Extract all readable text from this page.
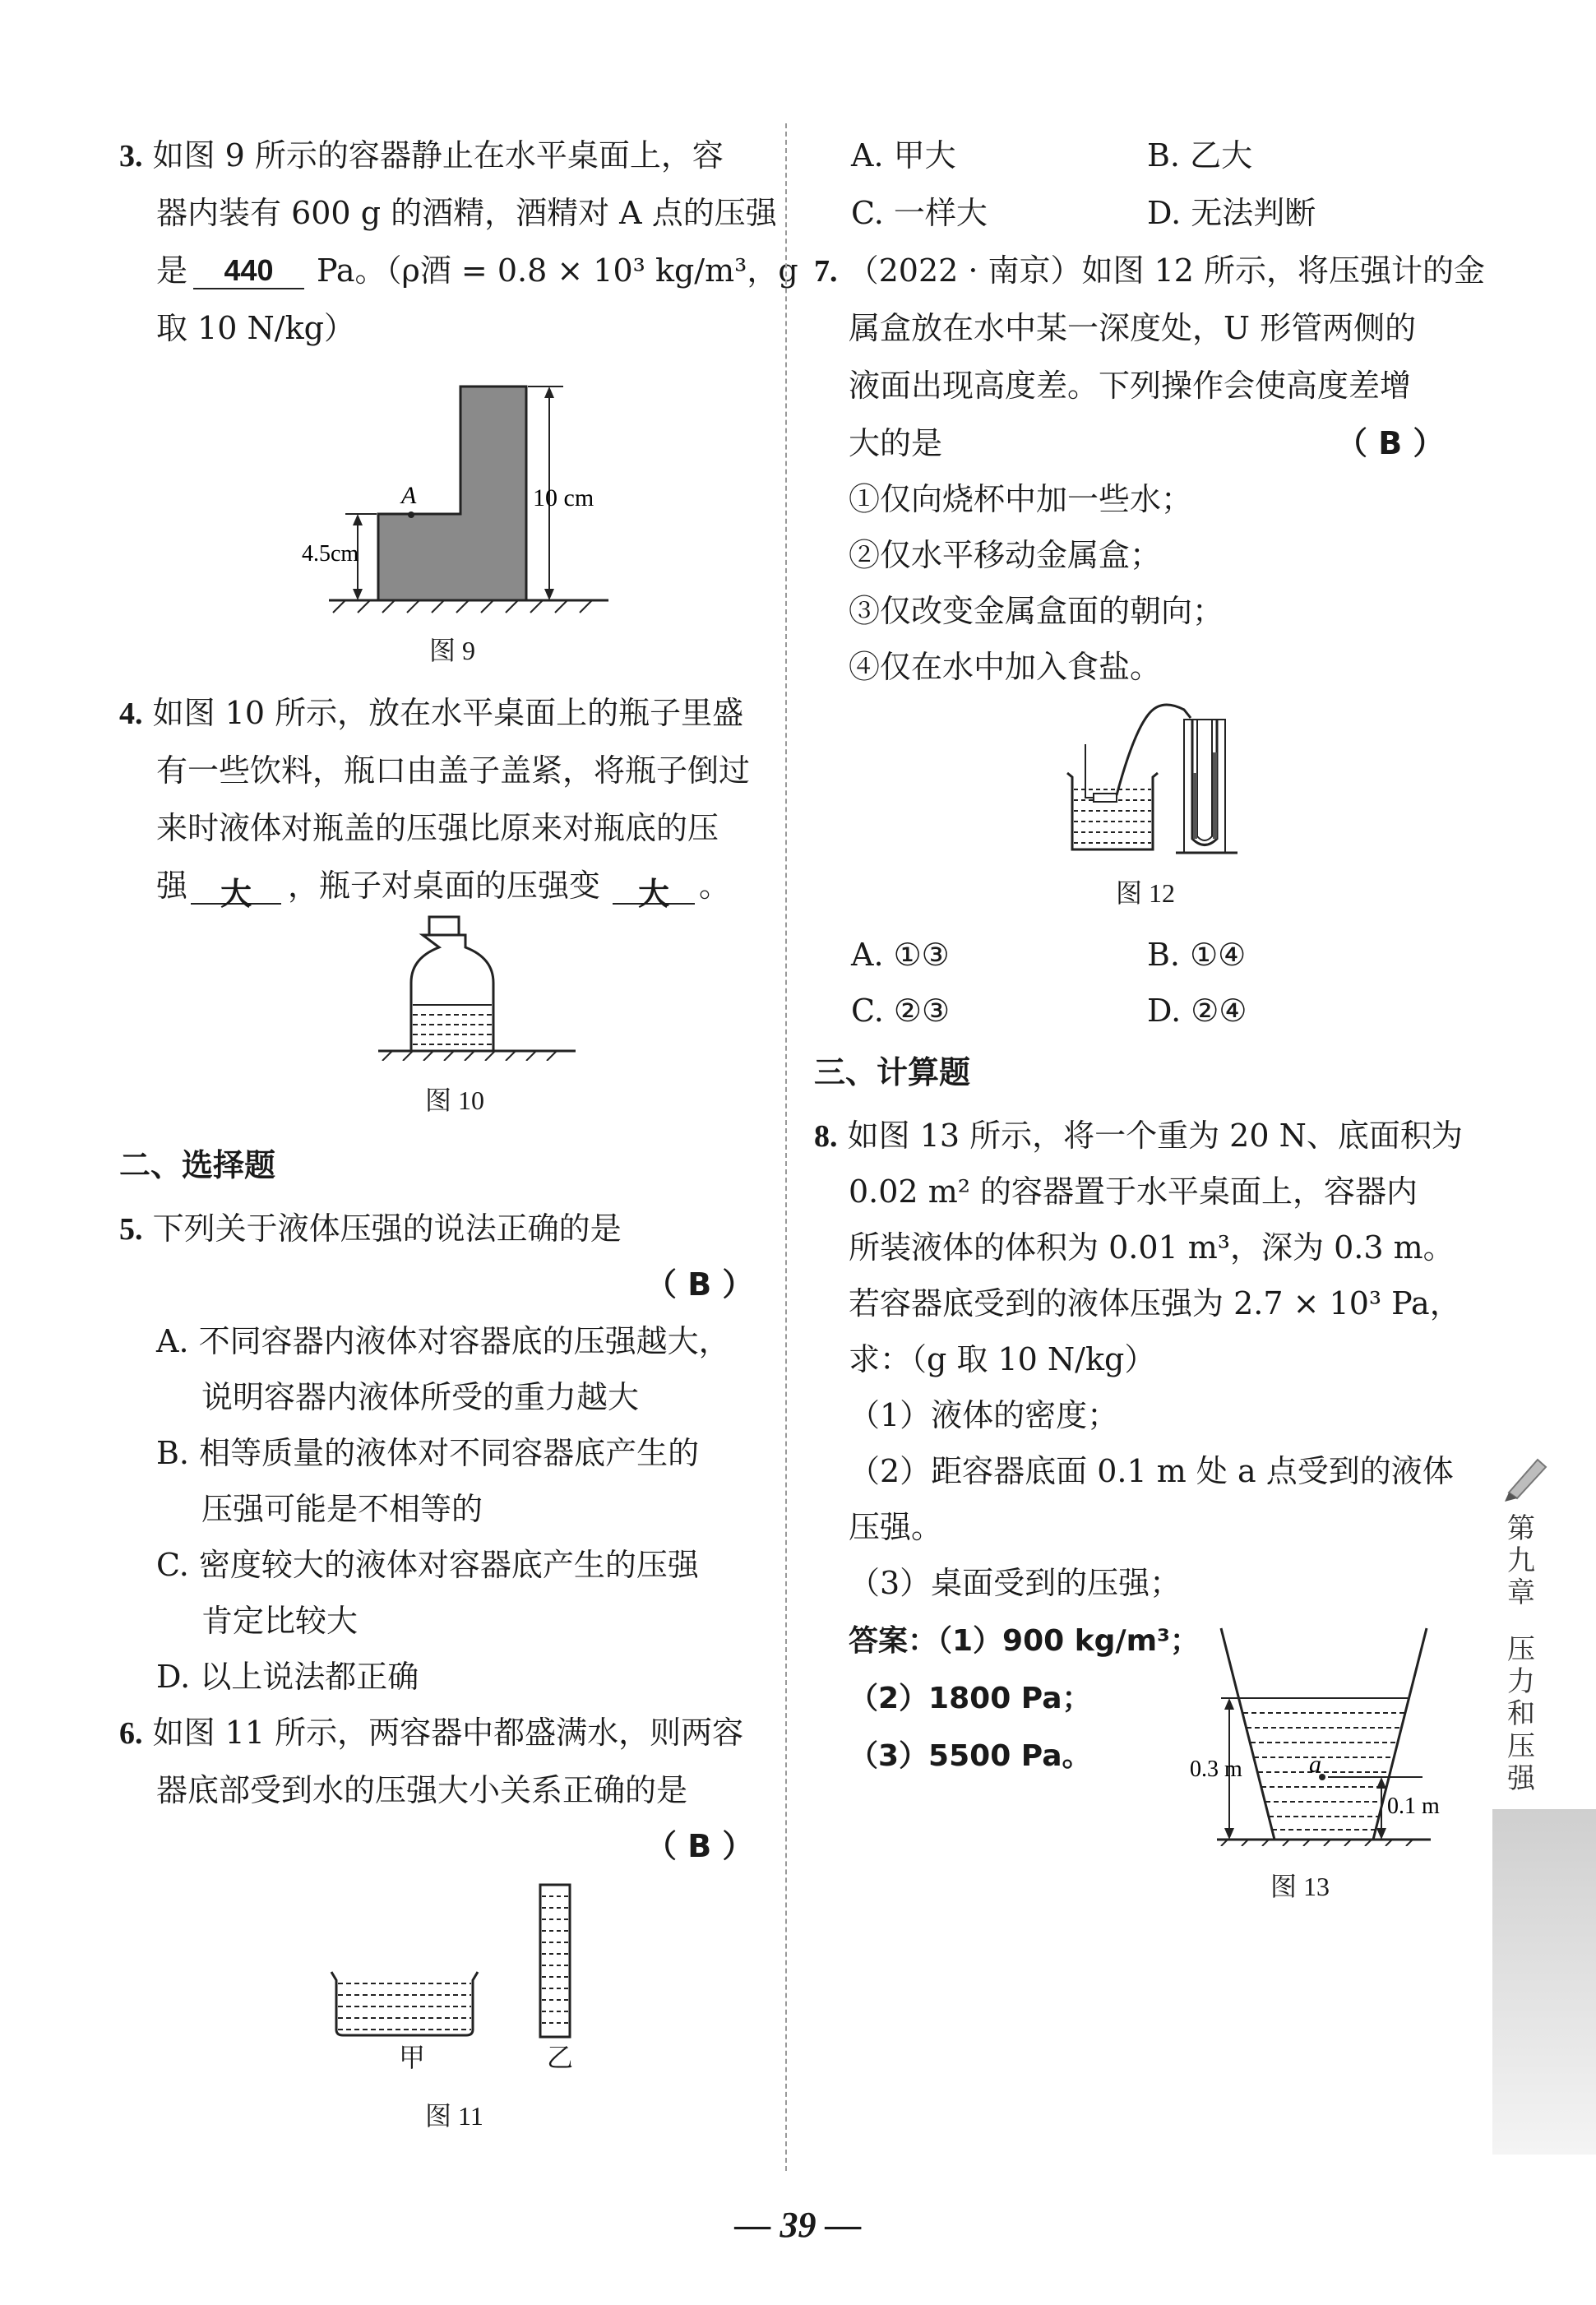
3. 如图 9 所示的容器静止在水平桌面上，容
器内装有 600 g 的酒精，酒精对 A 点的压强
是	440	Pa。（ρ酒 = 0.8 × 10³ kg/m³，g
取 10 N/kg）
A
4.5cm
10 cm
图 9
4. 如图 10 所示，放在水平桌面上的瓶子里盛
有一些饮料，瓶口由盖子盖紧，将瓶子倒过
来时液体对瓶盖的压强比原来对瓶底的压
强	大	，瓶子对桌面的压强变	大 。
图 10
二、选择题
5. 下列关于液体压强的说法正确的是
（ B ）
A. 不同容器内液体对容器底的压强越大，
说明容器内液体所受的重力越大
B. 相等质量的液体对不同容器底产生的
压强可能是不相等的
C. 密度较大的液体对容器底产生的压强
肯定比较大
D. 以上说法都正确
6. 如图 11 所示，两容器中都盛满水，则两容
器底部受到水的压强大小关系正确的是
（ B ）
甲	乙
图 11
A. 甲大	B. 乙大
C. 一样大	D. 无法判断
7. （2022 · 南京）如图 12 所示，将压强计的金
属盒放在水中某一深度处，U 形管两侧的
液面出现高度差。下列操作会使高度差增
大的是	（ B ）
①仅向烧杯中加一些水；
②仅水平移动金属盒；
③仅改变金属盒面的朝向；
④仅在水中加入食盐。
图 12
A. ①③	B. ①④
C. ②③	D. ②④
三、计算题
8. 如图 13 所示，将一个重为 20 N、底面积为
0.02 m² 的容器置于水平桌面上，容器内
所装液体的体积为 0.01 m³，深为 0.3 m。
若容器底受到的液体压强为 2.7 × 10³ Pa，
求：（g 取 10 N/kg）
（1）液体的密度；
（2）距容器底面 0.1 m 处 a 点受到的液体
压强。
（3）桌面受到的压强；
答案：（1）900 kg/m³；
（2）1800 Pa；
（3）5500 Pa。	a
0.3 m
0.1 m
图 13
第
九
章
压
力
和
压
强
— 39 —
